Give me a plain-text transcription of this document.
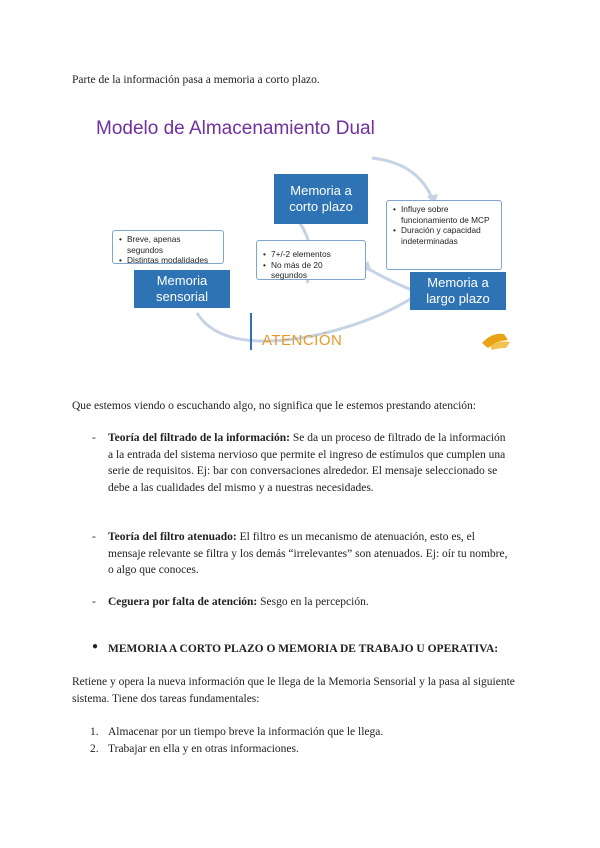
Parte de la información pasa a memoria a corto plazo.
Modelo de Almacenamiento Dual
Memoria a
corto plazo
• Breve, apenas segundos
• Distintas modalidades
Memoria
sensorial
• 7+/-2 elementos
• No más de 20 segundos
• Influye sobre funcionamiento de MCP
• Duración y capacidad indeterminadas
Memoria a
largo plazo
ATENCIÓN
Que estemos viendo o escuchando algo, no significa que le estemos prestando atención:
- Teoría del filtrado de la información: Se da un proceso de filtrado de la información a la entrada del sistema nervioso que permite el ingreso de estímulos que cumplen una serie de requisitos. Ej: bar con conversaciones alrededor. El mensaje seleccionado se debe a las cualidades del mismo y a nuestras necesidades.
- Teoría del filtro atenuado: El filtro es un mecanismo de atenuación, esto es, el mensaje relevante se filtra y los demás “irrelevantes” son atenuados. Ej: oír tu nombre, o algo que conoces.
- Ceguera por falta de atención: Sesgo en la percepción.
● MEMORIA A CORTO PLAZO O MEMORIA DE TRABAJO U OPERATIVA:
Retiene y opera la nueva información que le llega de la Memoria Sensorial y la pasa al siguiente sistema. Tiene dos tareas fundamentales:
1. Almacenar por un tiempo breve la información que le llega.
2. Trabajar en ella y en otras informaciones.
